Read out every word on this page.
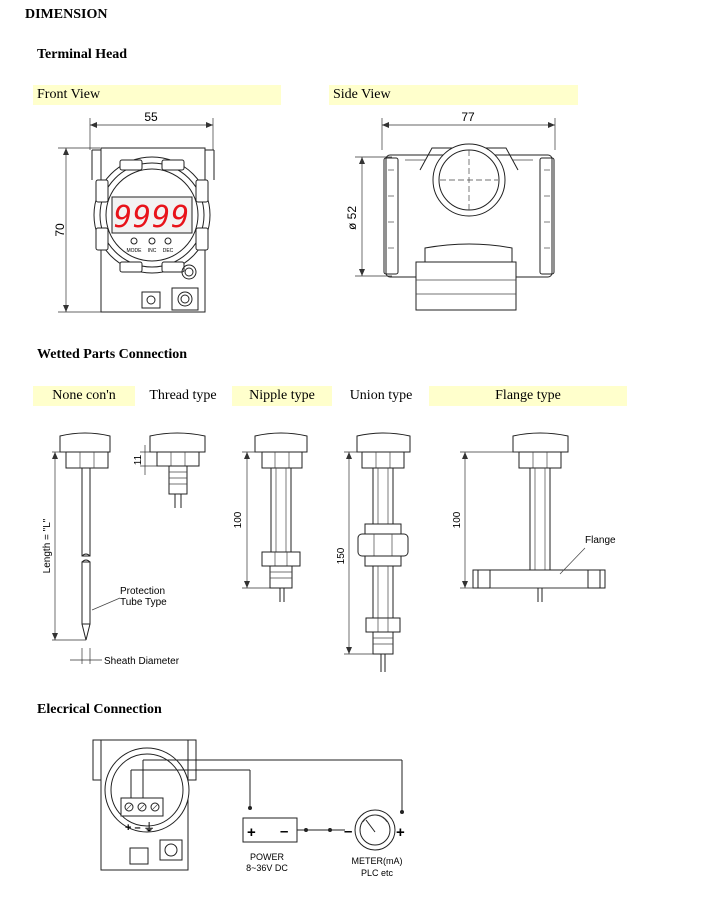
DIMENSION
Terminal Head
Front View	Side View
Wetted Parts Connection
None con'n	Thread type	Nipple type	Union type	Flange type
Elecrical Connection
55
70 9999
MODE INC DEC
77
ø 52
Length = "L"
Protection
Tube Type
Sheath Diameter
11
100
150
100
Flange
+ – ⏚	+ –
POWER
8~36V DC
–	+
METER(mA)
PLC etc
